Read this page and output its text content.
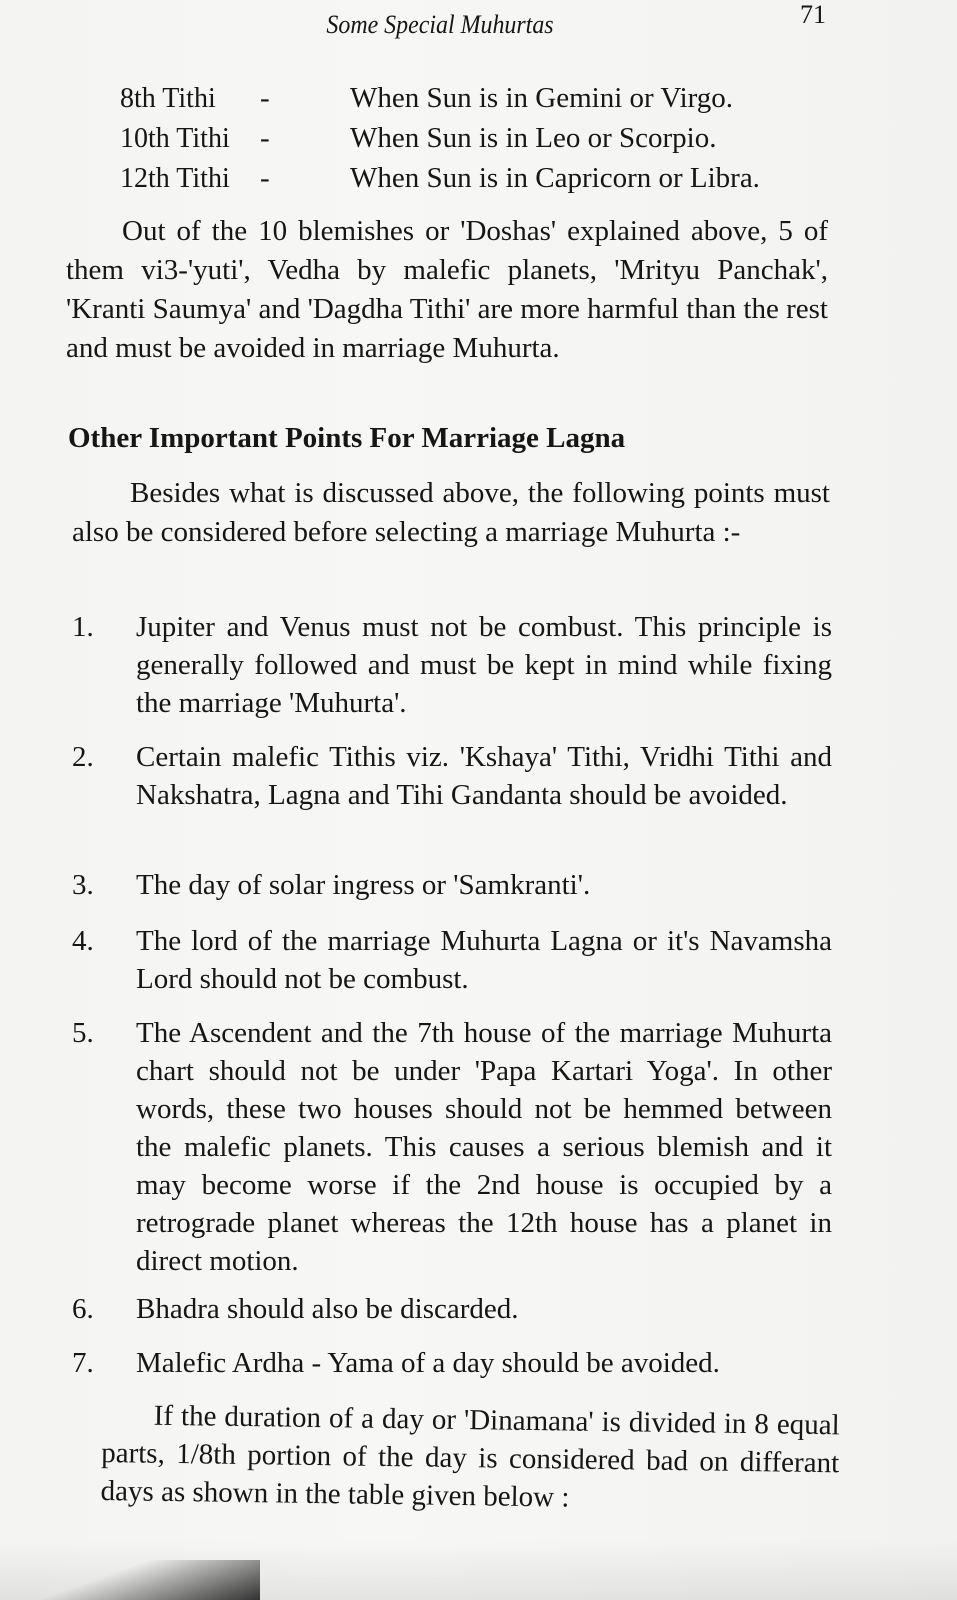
Some Special Muhurtas	71
8th Tithi	-	When Sun is in Gemini or Virgo.
10th Tithi	-	When Sun is in Leo or Scorpio.
12th Tithi	-	When Sun is in Capricorn or Libra.
Out of the 10 blemishes or 'Doshas' explained above, 5 of them vi3-'yuti', Vedha by malefic planets, 'Mrityu Panchak', 'Kranti Saumya' and 'Dagdha Tithi' are more harmful than the rest and must be avoided in marriage Muhurta.
Other Important Points For Marriage Lagna
Besides what is discussed above, the following points must also be considered before selecting a marriage Muhurta :-
1.	Jupiter and Venus must not be combust. This principle is generally followed and must be kept in mind while fixing the marriage 'Muhurta'.
2.	Certain malefic Tithis viz. 'Kshaya' Tithi, Vridhi Tithi and Nakshatra, Lagna and Tihi Gandanta should be avoided.
3.	The day of solar ingress or 'Samkranti'.
4.	The lord of the marriage Muhurta Lagna or it's Navamsha Lord should not be combust.
5.	The Ascendent and the 7th house of the marriage Muhurta chart should not be under 'Papa Kartari Yoga'. In other words, these two houses should not be hemmed between the malefic planets. This causes a serious blemish and it may become worse if the 2nd house is occupied by a retrograde planet whereas the 12th house has a planet in direct motion.
6.	Bhadra should also be discarded.
7.	Malefic Ardha - Yama of a day should be avoided.
If the duration of a day or 'Dinamana' is divided in 8 equal parts, 1/8th portion of the day is considered bad on differant days as shown in the table given below :
